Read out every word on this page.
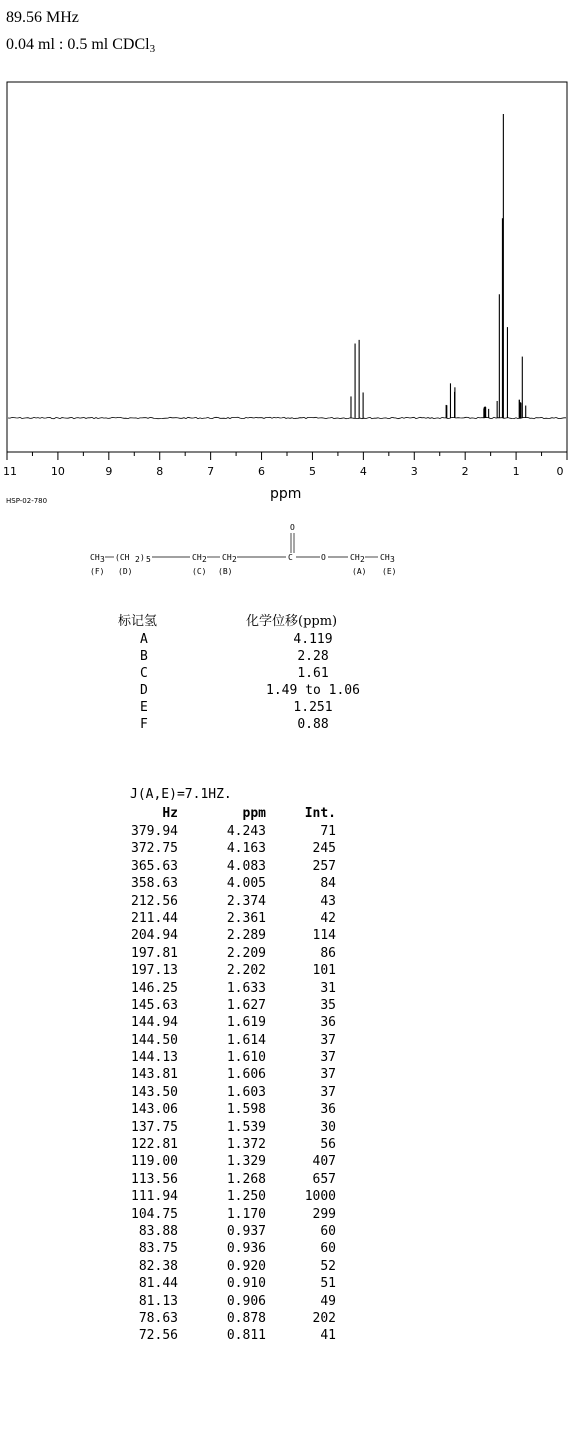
89.56 MHz
0.04 ml : 0.5 ml CDCl$_3$
11	10	9	8	7	6	5	4	3	2	1	0
ppm
HSP-02-780
O
CH 3 (CH 2 ) 5	CH 2 CH 2	C	O	CH 2 CH 3
(F) (D)	(C) (B)	(A) (E)
标记氢	化学位移(ppm)
A	4.119
B	2.28
C	1.61
D	1.49 to 1.06
E	1.251
F	0.88
J(A,E)=7.1HZ.
Hz	ppm	Int.
379.94	4.243	71
372.75	4.163	245
365.63	4.083	257
358.63	4.005	84
212.56	2.374	43
211.44	2.361	42
204.94	2.289	114
197.81	2.209	86
197.13	2.202	101
146.25	1.633	31
145.63	1.627	35
144.94	1.619	36
144.50	1.614	37
144.13	1.610	37
143.81	1.606	37
143.50	1.603	37
143.06	1.598	36
137.75	1.539	30
122.81	1.372	56
119.00	1.329	407
113.56	1.268	657
111.94	1.250	1000
104.75	1.170	299
83.88	0.937	60
83.75	0.936	60
82.38	0.920	52
81.44	0.910	51
81.13	0.906	49
78.63	0.878	202
72.56	0.811	41
